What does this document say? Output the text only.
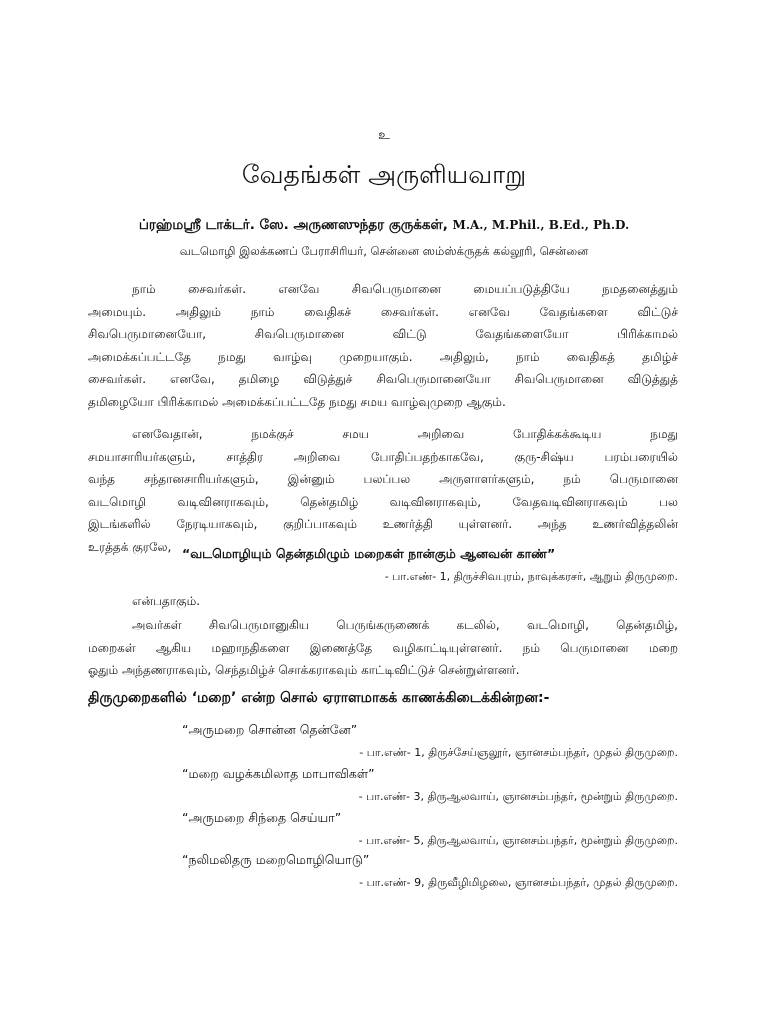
உ
வேதங்கள் அருளியவாறு
ப்ரஹ்மஸ்ரீ டாக்டர். ஸே. அருணஸுந்தர குருக்கள், M.A., M.Phil., B.Ed., Ph.D.
வடமொழி இலக்கணப் பேராசிரியர், சென்னை ஸம்ஸ்க்ருதக் கல்லூரி, சென்னை
நாம் சைவர்கள். எனவே சிவபெருமானை மையப்படுத்தியே நமதனைத்தும்
அமையும். அதிலும் நாம் வைதிகச் சைவர்கள். எனவே வேதங்களை விட்டுச்
சிவபெருமானையோ, சிவபெருமானை விட்டு வேதங்களையோ பிரிக்காமல்
அமைக்கப்பட்டதே நமது வாழ்வு முறையாகும். அதிலும், நாம் வைதிகத் தமிழ்ச்
சைவர்கள். எனவே, தமிழை விடுத்துச் சிவபெருமானையோ சிவபெருமானை விடுத்துத்
தமிழையோ பிரிக்காமல் அமைக்கப்பட்டதே நமது சமய வாழ்வுமுறை ஆகும்.
எனவேதான், நமக்குச் சமய அறிவை போதிக்கக்கூடிய நமது
சமயாசாரியர்களும், சாத்திர அறிவை போதிப்பதற்காகவே, குரு-சிஷ்ய பரம்பரையில்
வந்த சந்தானசாரியர்களும், இன்னும் பலப்பல அருளாளர்களும், நம் பெருமானை
வடமொழி வடிவினராகவும், தென்தமிழ் வடிவினராகவும், வேதவடிவினராகவும் பல
இடங்களில் நேரடியாகவும், குறிப்பாகவும் உணர்த்தி யுள்ளனர். அந்த உணர்வித்தலின்
உரத்தக் குரலே, “வடமொழியும் தென்தமிழும் மறைகள் நான்கும் ஆனவன் காண்”
- பா.எண்- 1, திருச்சிவபுரம், நாவுக்கரசர், ஆறும் திருமுறை.
என்பதாகும்.
அவர்கள் சிவபெருமானுகிய பெருங்கருணைக் கடலில், வடமொழி, தென்தமிழ்,
மறைகள் ஆகிய மஹாநதிகளை இணைத்தே வழிகாட்டியுள்ளனர். நம் பெருமானை மறை
ஓதும் அந்தணராகவும், செந்தமிழ்ச் சொக்கராகவும் காட்டிவிட்டுச் சென்றுள்ளனர்.
திருமுறைகளில் ‘மறை’ என்ற சொல் ஏராளமாகக் காணக்கிடைக்கின்றன:-
“அருமறை சொன்ன தென்னே”
- பா.எண்- 1, திருச்சேய்ஞலூர், ஞானசம்பந்தர், முதல் திருமுறை.
“மறை வழக்கமிலாத மாபாவிகள்”
- பா.எண்- 3, திருஆலவாய், ஞானசம்பந்தர், மூன்றும் திருமுறை.
“அருமறை சிந்தை செய்யா”
- பா.எண்- 5, திருஆலவாய், ஞானசம்பந்தர், மூன்றும் திருமுறை.
“நலிமலிதரு மறைமொழியொடு”
- பா.எண்- 9, திருவீழிமிழலை, ஞானசம்பந்தர், முதல் திருமுறை.
